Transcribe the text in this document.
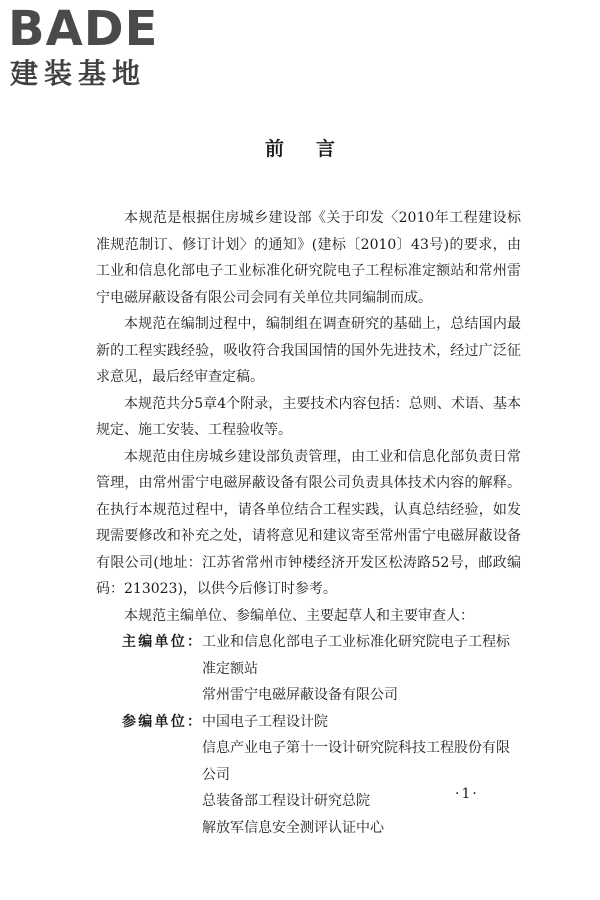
BADE
建装基地
前言

本规范是根据住房城乡建设部《关于印发〈2010年工程建设标准规范制订、修订计划〉的通知》(建标〔2010〕43号)的要求，由工业和信息化部电子工业标准化研究院电子工程标准定额站和常州雷宁电磁屏蔽设备有限公司会同有关单位共同编制而成。

本规范在编制过程中，编制组在调查研究的基础上，总结国内最新的工程实践经验，吸收符合我国国情的国外先进技术，经过广泛征求意见，最后经审查定稿。

本规范共分5章4个附录，主要技术内容包括：总则、术语、基本规定、施工安装、工程验收等。

本规范由住房城乡建设部负责管理，由工业和信息化部负责日常管理，由常州雷宁电磁屏蔽设备有限公司负责具体技术内容的解释。在执行本规范过程中，请各单位结合工程实践，认真总结经验，如发现需要修改和补充之处，请将意见和建议寄至常州雷宁电磁屏蔽设备有限公司(地址：江苏省常州市钟楼经济开发区松涛路52号，邮政编码：213023)，以供今后修订时参考。

本规范主编单位、参编单位、主要起草人和主要审查人：

主编单位： 工业和信息化部电子工业标准化研究院电子工程标准定额站
常州雷宁电磁屏蔽设备有限公司
参编单位： 中国电子工程设计院
信息产业电子第十一设计研究院科技工程股份有限公司
总装备部工程设计研究总院
解放军信息安全测评认证中心
·1·
